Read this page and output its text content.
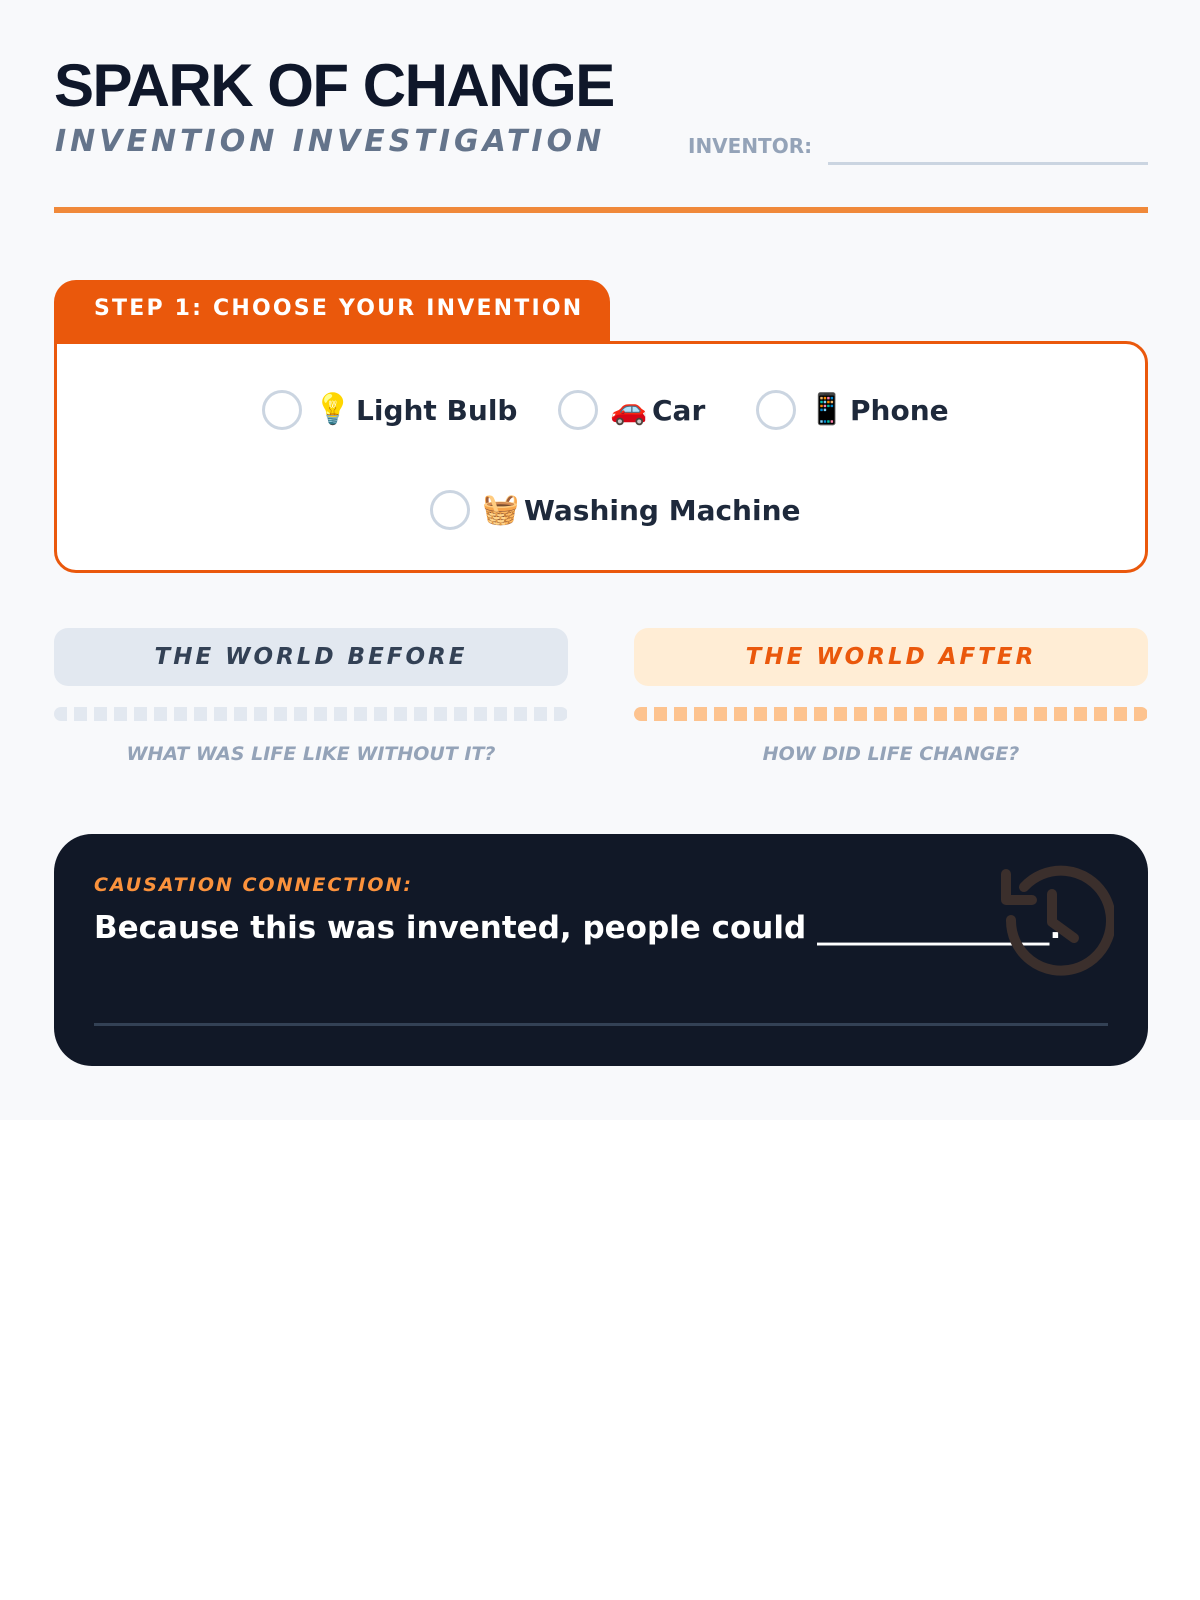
SPARK OF CHANGE
INVENTION INVESTIGATION	INVENTOR:
STEP 1: CHOOSE YOUR INVENTION
💡 Light Bulb	🚗 Car	📱 Phone
🧺 Washing Machine
THE WORLD BEFORE	THE WORLD AFTER
WHAT WAS LIFE LIKE WITHOUT IT?	HOW DID LIFE CHANGE?
CAUSATION CONNECTION:
Because this was invented, people could _______________.
